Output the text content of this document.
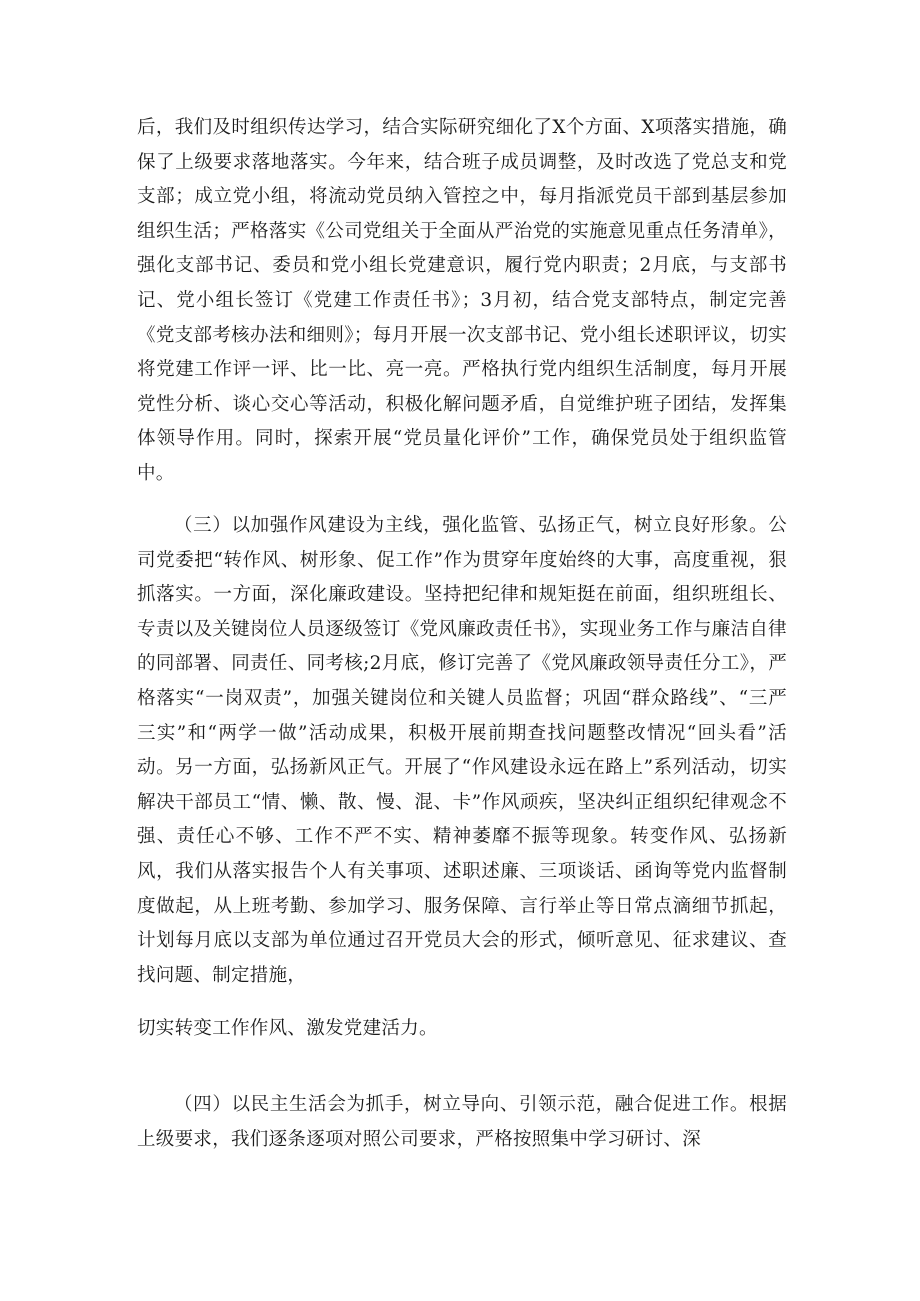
后，我们及时组织传达学习，结合实际研究细化了X个方面、X项落实措施，确保了上级要求落地落实。今年来，结合班子成员调整，及时改选了党总支和党支部；成立党小组，将流动党员纳入管控之中，每月指派党员干部到基层参加组织生活；严格落实《公司党组关于全面从严治党的实施意见重点任务清单》，强化支部书记、委员和党小组长党建意识，履行党内职责；2月底，与支部书记、党小组长签订《党建工作责任书》；3月初，结合党支部特点，制定完善《党支部考核办法和细则》；每月开展一次支部书记、党小组长述职评议，切实将党建工作评一评、比一比、亮一亮。严格执行党内组织生活制度，每月开展党性分析、谈心交心等活动，积极化解问题矛盾，自觉维护班子团结，发挥集体领导作用。同时，探索开展“党员量化评价”工作，确保党员处于组织监管中。

（三）以加强作风建设为主线，强化监管、弘扬正气，树立良好形象。公司党委把“转作风、树形象、促工作”作为贯穿年度始终的大事，高度重视，狠抓落实。一方面，深化廉政建设。坚持把纪律和规矩挺在前面，组织班组长、专责以及关键岗位人员逐级签订《党风廉政责任书》，实现业务工作与廉洁自律的同部署、同责任、同考核;2月底，修订完善了《党风廉政领导责任分工》，严格落实“一岗双责”，加强关键岗位和关键人员监督；巩固“群众路线”、“三严三实”和“两学一做”活动成果，积极开展前期查找问题整改情况“回头看”活动。另一方面，弘扬新风正气。开展了“作风建设永远在路上”系列活动，切实解决干部员工“情、懒、散、慢、混、卡”作风顽疾，坚决纠正组织纪律观念不强、责任心不够、工作不严不实、精神萎靡不振等现象。转变作风、弘扬新风，我们从落实报告个人有关事项、述职述廉、三项谈话、函询等党内监督制度做起，从上班考勤、参加学习、服务保障、言行举止等日常点滴细节抓起，计划每月底以支部为单位通过召开党员大会的形式，倾听意见、征求建议、查找问题、制定措施，

切实转变工作作风、激发党建活力。

（四）以民主生活会为抓手，树立导向、引领示范，融合促进工作。根据上级要求，我们逐条逐项对照公司要求，严格按照集中学习研讨、深
